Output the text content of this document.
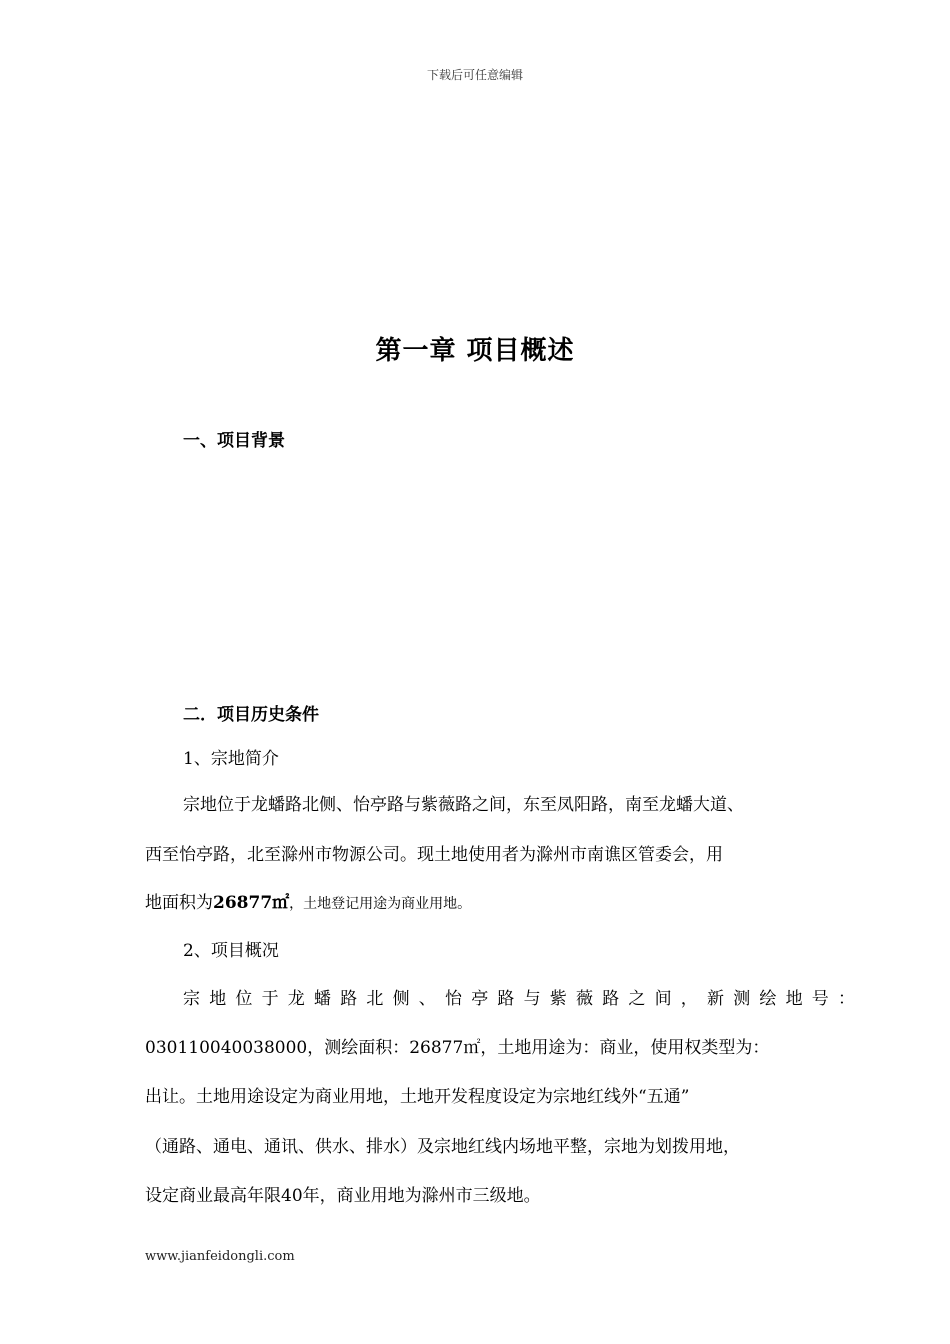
下载后可任意编辑
第一章 项目概述
一、项目背景
二．项目历史条件
1、宗地简介
宗地位于龙蟠路北侧、怡亭路与紫薇路之间，东至凤阳路，南至龙蟠大道、
西至怡亭路，北至滁州市物源公司。现土地使用者为滁州市南谯区管委会，用
地面积为26877㎡，土地登记用途为商业用地。
2、项目概况
宗地位于龙蟠路北侧、怡亭路与紫薇路之间，新测绘地号：
030110040038000，测绘面积：26877㎡，土地用途为：商业，使用权类型为：
出让。土地用途设定为商业用地，土地开发程度设定为宗地红线外“五通”
（通路、通电、通讯、供水、排水）及宗地红线内场地平整，宗地为划拨用地，
设定商业最高年限40年，商业用地为滁州市三级地。
www.jianfeidongli.com
